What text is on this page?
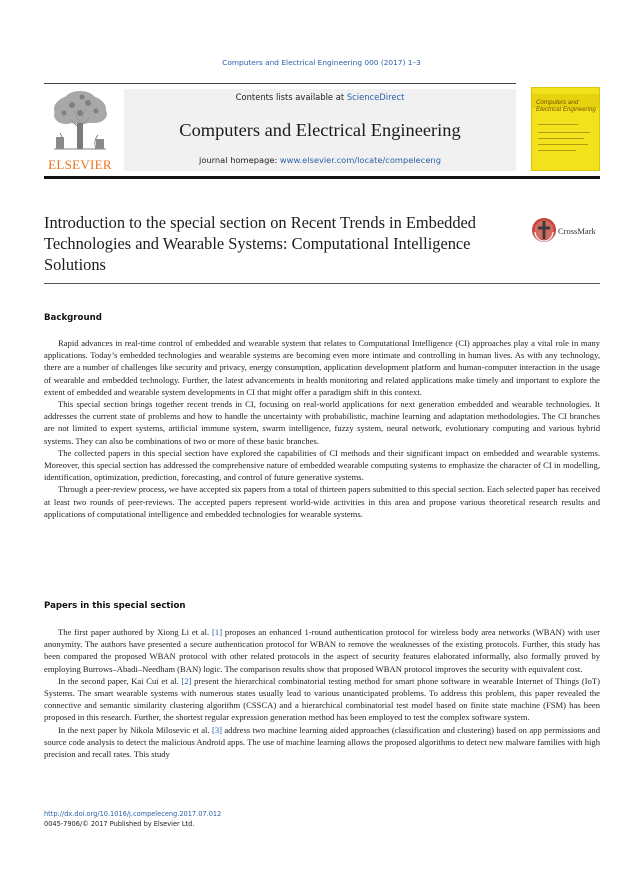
Computers and Electrical Engineering 000 (2017) 1–3
ELSEVIER
Contents lists available at ScienceDirect
Computers and Electrical Engineering
journal homepage: www.elsevier.com/locate/compeleceng
Computers and Electrical Engineering
Introduction to the special section on Recent Trends in Embedded Technologies and Wearable Systems: Computational Intelligence Solutions
CrossMark
Background

Rapid advances in real-time control of embedded and wearable system that relates to Computational Intelligence (CI) approaches play a vital role in many applications. Today’s embedded technologies and wearable systems are becoming even more intimate and controlling in human lives. As with any technology, there are a number of challenges like security and privacy, energy consumption, application development platform and human-computer interaction in the usage of wearable and embedded technology. Further, the latest advancements in health monitoring and related applications make timely and important to explore the extent of embedded and wearable system developments in CI that might offer a paradigm shift in this context.

This special section brings together recent trends in CI, focusing on real-world applications for next generation embedded and wearable technologies. It addresses the current state of problems and how to handle the uncertainty with probabilistic, machine learning and adaptation methodologies. The CI branches are not limited to expert systems, artificial immune system, swarm intelligence, fuzzy system, neural network, evolutionary computing and various hybrid systems. They can also be combinations of two or more of these basic branches.

The collected papers in this special section have explored the capabilities of CI methods and their significant impact on embedded and wearable systems. Moreover, this special section has addressed the comprehensive nature of embedded wearable computing systems to emphasize the character of CI in modelling, identification, optimization, prediction, forecasting, and control of future generative systems.

Through a peer-review process, we have accepted six papers from a total of thirteen papers submitted to this special section. Each selected paper has received at least two rounds of peer-reviews. The accepted papers represent world-wide activities in this area and propose various theoretical research results and applications of computational intelligence and embedded technologies for wearable systems.

Papers in this special section

The first paper authored by Xiong Li et al. [1] proposes an enhanced 1-round authentication protocol for wireless body area networks (WBAN) with user anonymity. The authors have presented a secure authentication protocol for WBAN to remove the weaknesses of the existing protocols. Further, this study has been compared the proposed WBAN protocol with other related protocols in the aspect of security features elaborated informally, also formally proved by employing Burrows–Abadi–Needham (BAN) logic. The comparison results show that proposed WBAN protocol improves the security with equivalent cost.

In the second paper, Kai Cui et al. [2] present the hierarchical combinatorial testing method for smart phone software in wearable Internet of Things (IoT) Systems. The smart wearable systems with numerous states usually lead to various unanticipated problems. To address this problem, this paper revealed the connective and semantic similarity clustering algorithm (CSSCA) and a hierarchical combinatorial test model based on finite state machine (FSM) has been proposed in this research. Further, the shortest regular expression generation method has been employed to test the complex software system.

In the next paper by Nikola Milosevic et al. [3] address two machine learning aided approaches (classification and clustering) based on app permissions and source code analysis to detect the malicious Android apps. The use of machine learning allows the proposed algorithms to detect new malware families with high precision and recall rates. This study

http://dx.doi.org/10.1016/j.compeleceng.2017.07.012
0045-7906/© 2017 Published by Elsevier Ltd.
